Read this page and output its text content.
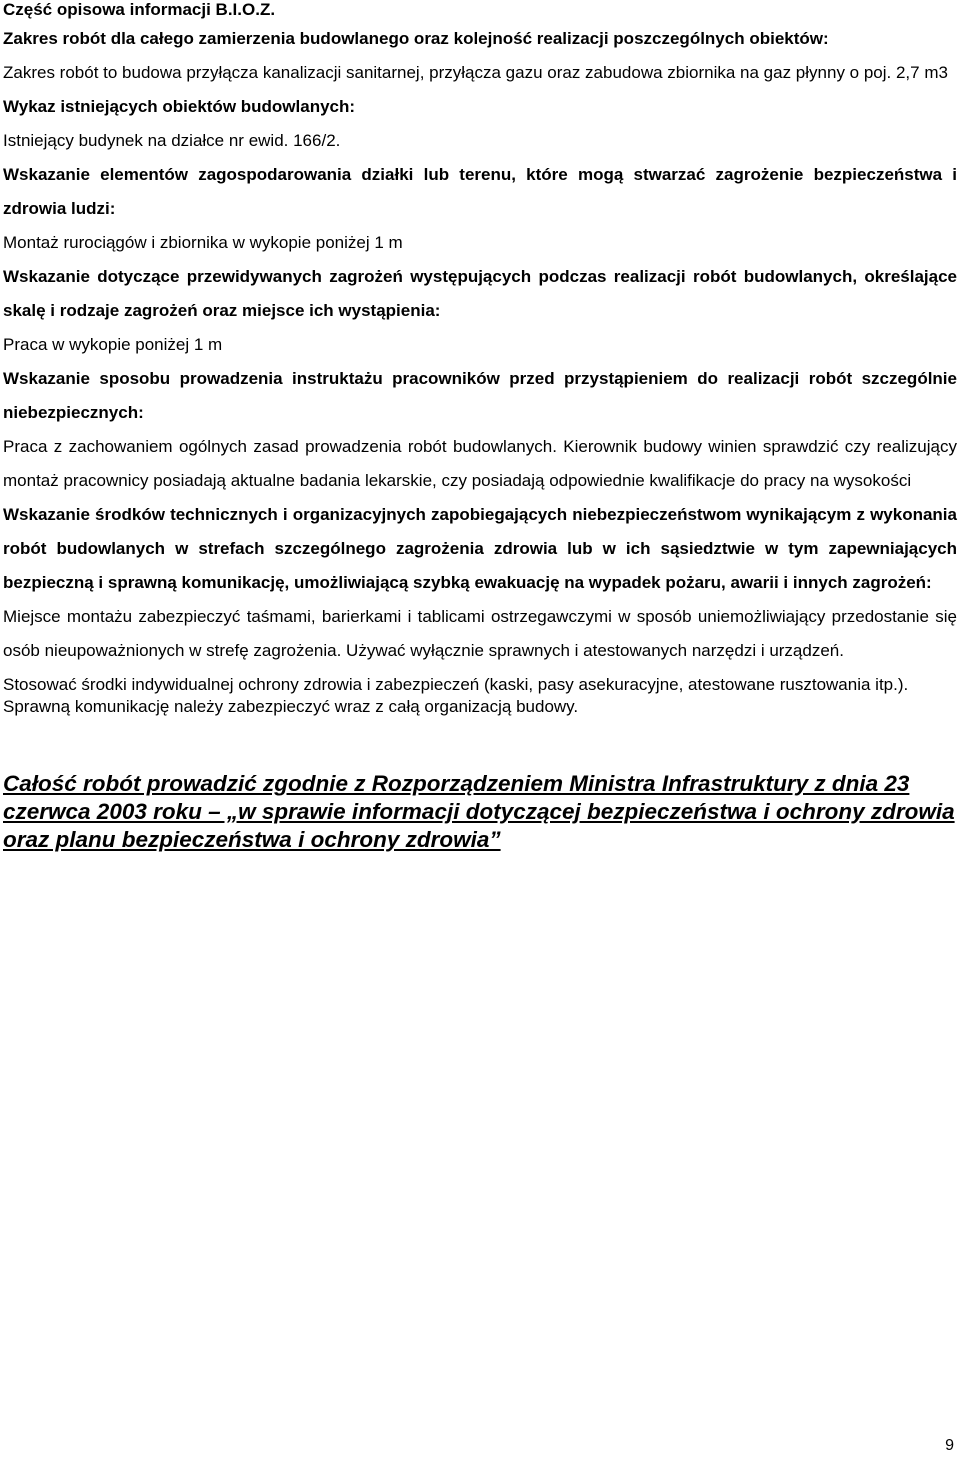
Część opisowa informacji B.I.O.Z.

Zakres robót dla całego zamierzenia budowlanego oraz kolejność realizacji poszczególnych obiektów:

Zakres robót to budowa przyłącza kanalizacji sanitarnej, przyłącza gazu oraz zabudowa zbiornika na gaz płynny o poj. 2,7 m3

Wykaz istniejących obiektów budowlanych:

Istniejący budynek na działce nr ewid. 166/2.

Wskazanie elementów zagospodarowania działki lub terenu, które mogą stwarzać zagrożenie bezpieczeństwa i zdrowia ludzi:

Montaż rurociągów i zbiornika w wykopie poniżej 1 m

Wskazanie dotyczące przewidywanych zagrożeń występujących podczas realizacji robót budowlanych, określające skalę i rodzaje zagrożeń oraz miejsce ich wystąpienia:

Praca w wykopie poniżej 1 m

Wskazanie sposobu prowadzenia instruktażu pracowników przed przystąpieniem do realizacji robót szczególnie niebezpiecznych:

Praca z zachowaniem ogólnych zasad prowadzenia robót budowlanych. Kierownik budowy winien sprawdzić czy realizujący montaż pracownicy posiadają aktualne badania lekarskie, czy posiadają odpowiednie kwalifikacje do pracy na wysokości

Wskazanie środków technicznych i organizacyjnych zapobiegających niebezpieczeństwom wynikającym z wykonania robót budowlanych w strefach szczególnego zagrożenia zdrowia lub w ich sąsiedztwie w tym zapewniających bezpieczną i sprawną komunikację, umożliwiającą szybką ewakuację na wypadek pożaru, awarii i innych zagrożeń:

Miejsce montażu zabezpieczyć taśmami, barierkami i tablicami ostrzegawczymi w sposób uniemożliwiający przedostanie się osób nieupoważnionych w strefę zagrożenia. Używać wyłącznie sprawnych i atestowanych narzędzi i urządzeń.

Stosować środki indywidualnej ochrony zdrowia i zabezpieczeń (kaski, pasy asekuracyjne, atestowane rusztowania itp.). Sprawną komunikację należy zabezpieczyć wraz z całą organizacją budowy.

Całość robót prowadzić zgodnie z Rozporządzeniem Ministra Infrastruktury z dnia 23 czerwca 2003 roku – „w sprawie informacji dotyczącej bezpieczeństwa i ochrony zdrowia oraz planu bezpieczeństwa i ochrony zdrowia”

9
